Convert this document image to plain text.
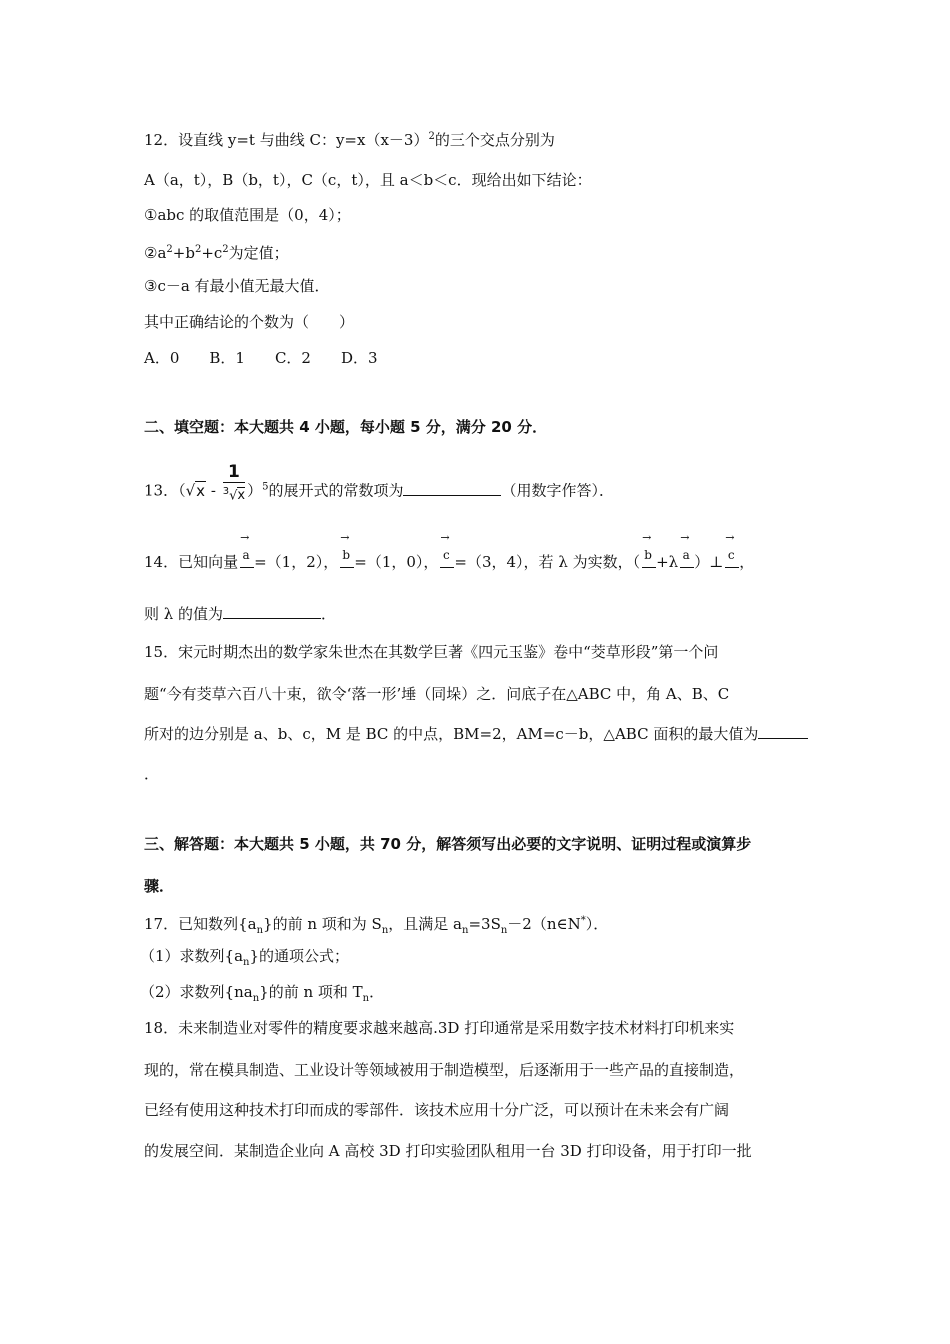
12．设直线 y=t 与曲线 C：$y=x(x-3)^2$的三个交点分别为
A（a，t），B（b，t），C（c，t），且 a＜b＜c．现给出如下结论：
①abc 的取值范围是（0，4）；
$②a^2+b^2+c^2$为定值；
③c－a 有最小值无最大值．
其中正确结论的个数为（　　）
A．0　　B．1　　C．2　　D．3
二、填空题：本大题共 4 小题，每小题 5 分，满分 20 分．
13．$(√x - \frac{1}{^3√x} )^5$的展开式的常数项为	（用数字作答）．
14．已知向量
→
a =（1，2），
→
b =（1，0），
→
c =（3，4），若 λ 为实数，（
→
b +λ
→
a ）⊥
→
c ，
则 λ 的值为	．
15．宋元时期杰出的数学家朱世杰在其数学巨著《四元玉鉴》卷中“茭草形段”第一个问
题“今有茭草六百八十束，欲令‘落一形’埵（同垛）之．问底子在△ABC 中，角 A、B、C
所对的边分别是 a、b、c，M 是 BC 的中点，BM=2，AM=c－b，△ABC 面积的最大值为
．
三、解答题：本大题共 5 小题，共 70 分，解答须写出必要的文字说明、证明过程或演算步
骤．
17．已知数列$\{a_n\}$的前 n 项和为 $S_n$，且满足 $a_n=3S_n-2(n\in N^*)$．
（1）求数列$\{a_n\}$的通项公式；
（2）求数列$\{na_n\}$的前 n 项和 $T_n$．
18．未来制造业对零件的精度要求越来越高.3D 打印通常是采用数字技术材料打印机来实
现的，常在模具制造、工业设计等领域被用于制造模型，后逐渐用于一些产品的直接制造，
已经有使用这种技术打印而成的零部件．该技术应用十分广泛，可以预计在未来会有广阔
的发展空间．某制造企业向 A 高校 3D 打印实验团队租用一台 3D 打印设备，用于打印一批
